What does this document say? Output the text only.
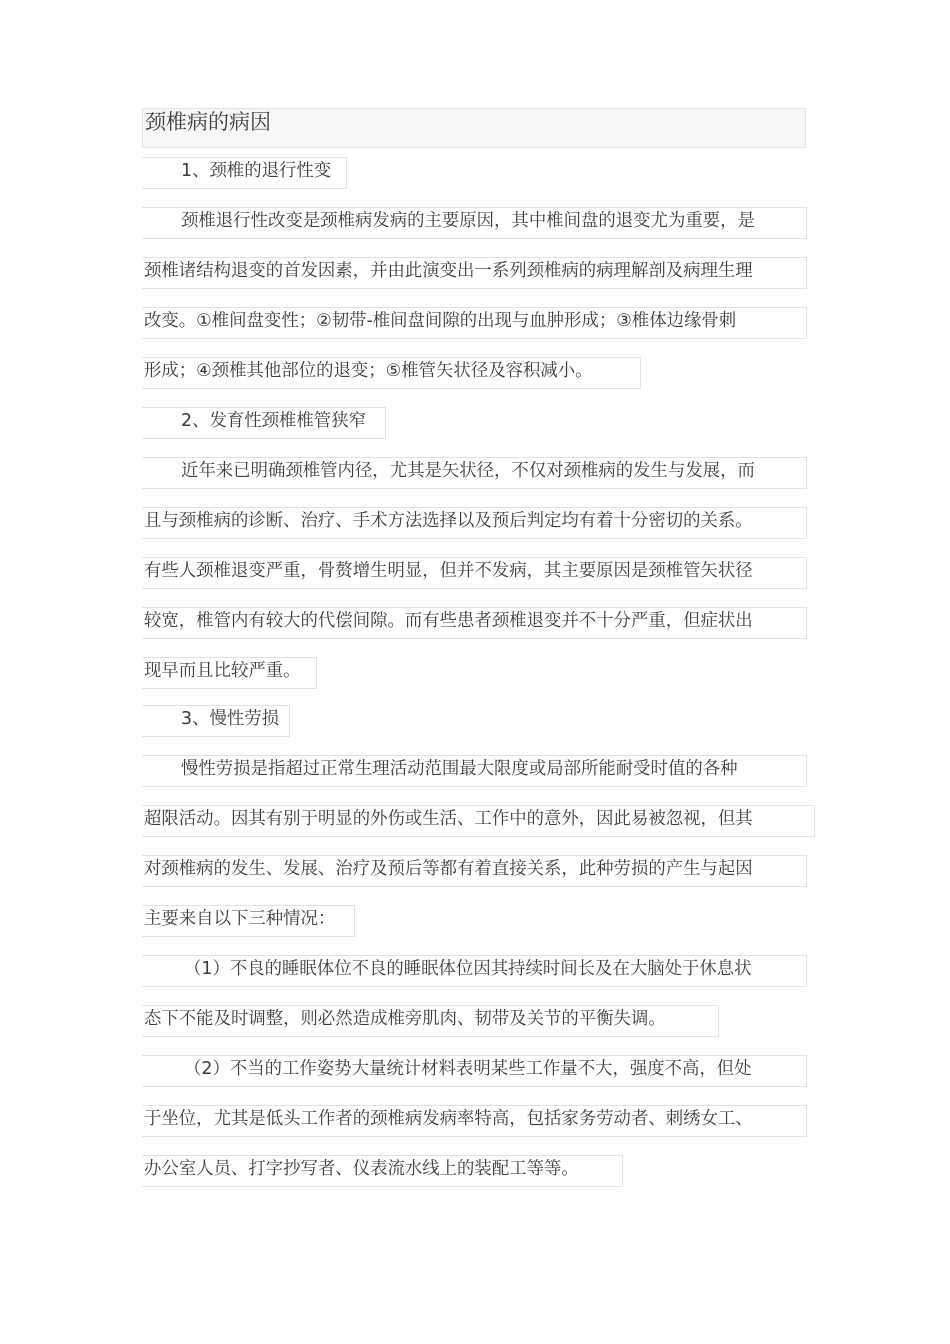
颈椎病的病因
1、颈椎的退行性变
颈椎退行性改变是颈椎病发病的主要原因，其中椎间盘的退变尤为重要，是
颈椎诸结构退变的首发因素，并由此演变出一系列颈椎病的病理解剖及病理生理
改变。①椎间盘变性；②韧带-椎间盘间隙的出现与血肿形成；③椎体边缘骨刺
形成；④颈椎其他部位的退变；⑤椎管矢状径及容积减小。
2、发育性颈椎椎管狭窄
近年来已明确颈椎管内径，尤其是矢状径，不仅对颈椎病的发生与发展，而
且与颈椎病的诊断、治疗、手术方法选择以及预后判定均有着十分密切的关系。
有些人颈椎退变严重，骨赘增生明显，但并不发病，其主要原因是颈椎管矢状径
较宽，椎管内有较大的代偿间隙。而有些患者颈椎退变并不十分严重，但症状出
现早而且比较严重。
3、慢性劳损
慢性劳损是指超过正常生理活动范围最大限度或局部所能耐受时值的各种
超限活动。因其有别于明显的外伤或生活、工作中的意外，因此易被忽视，但其
对颈椎病的发生、发展、治疗及预后等都有着直接关系，此种劳损的产生与起因
主要来自以下三种情况：
（1）不良的睡眠体位不良的睡眠体位因其持续时间长及在大脑处于休息状
态下不能及时调整，则必然造成椎旁肌肉、韧带及关节的平衡失调。
（2）不当的工作姿势大量统计材料表明某些工作量不大，强度不高，但处
于坐位，尤其是低头工作者的颈椎病发病率特高，包括家务劳动者、刺绣女工、
办公室人员、打字抄写者、仪表流水线上的装配工等等。
